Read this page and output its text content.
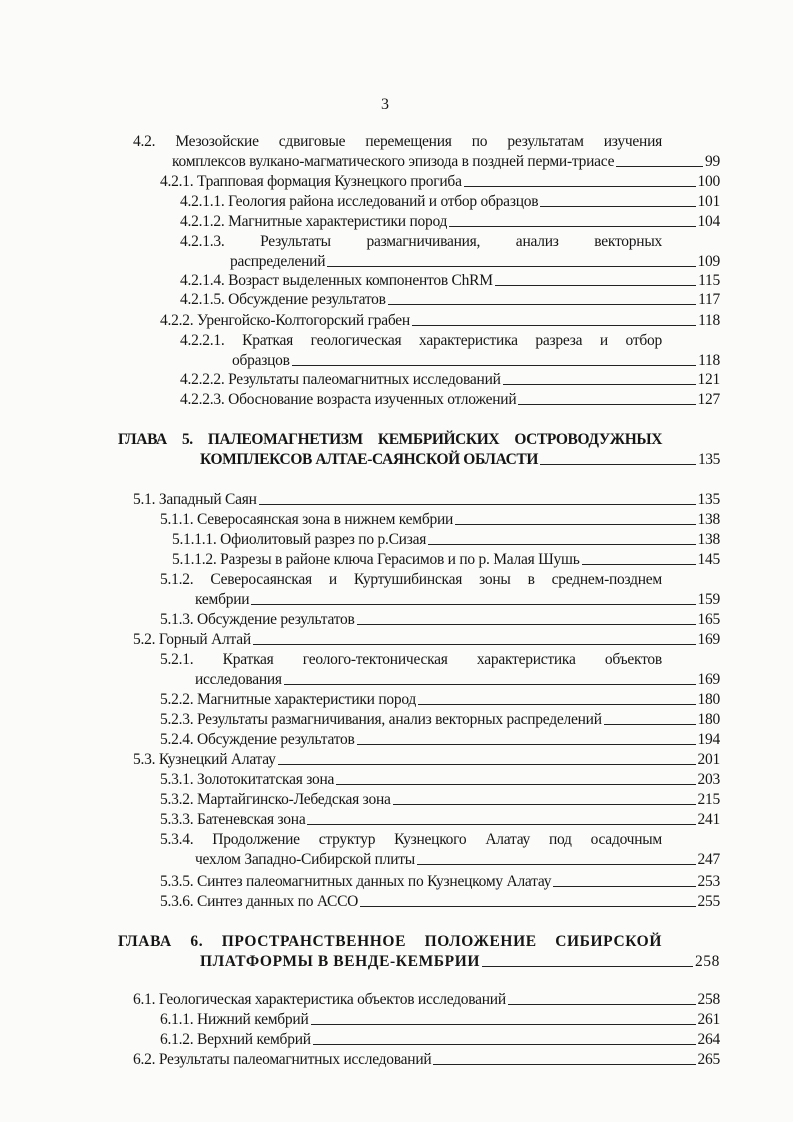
3
4.2. Мезозойские сдвиговые перемещения по результатам изучения
комплексов вулкано-магматического эпизода в поздней перми-триасе	99
4.2.1. Трапповая формация Кузнецкого прогиба	100
4.2.1.1. Геология района исследований и отбор образцов	101
4.2.1.2. Магнитные характеристики пород	104
4.2.1.3. Результаты размагничивания, анализ векторных
распределений	109
4.2.1.4. Возраст выделенных компонентов ChRM	115
4.2.1.5. Обсуждение результатов	117
4.2.2. Уренгойско-Колтогорский грабен	118
4.2.2.1. Краткая геологическая характеристика разреза и отбор
образцов	118
4.2.2.2. Результаты палеомагнитных исследований	121
4.2.2.3. Обоснование возраста изученных отложений	127
ГЛАВА 5. ПАЛЕОМАГНЕТИЗМ КЕМБРИЙСКИХ ОСТРОВОДУЖНЫХ
КОМПЛЕКСОВ АЛТАЕ-САЯНСКОЙ ОБЛАСТИ	135
5.1. Западный Саян	135
5.1.1. Северосаянская зона в нижнем кембрии	138
5.1.1.1. Офиолитовый разрез по р.Сизая	138
5.1.1.2. Разрезы в районе ключа Герасимов и по р. Малая Шушь	145
5.1.2. Северосаянская и Куртушибинская зоны в среднем-позднем
кембрии	159
5.1.3. Обсуждение результатов	165
5.2. Горный Алтай	169
5.2.1. Краткая геолого-тектоническая характеристика объектов
исследования	169
5.2.2. Магнитные характеристики пород	180
5.2.3. Результаты размагничивания, анализ векторных распределений	180
5.2.4. Обсуждение результатов	194
5.3. Кузнецкий Алатау	201
5.3.1. Золотокитатская зона	203
5.3.2. Мартайгинско-Лебедская зона	215
5.3.3. Батеневская зона	241
5.3.4. Продолжение структур Кузнецкого Алатау под осадочным
чехлом Западно-Сибирской плиты	247
5.3.5. Синтез палеомагнитных данных по Кузнецкому Алатау	253
5.3.6. Синтез данных по АССО	255
ГЛАВА 6. ПРОСТРАНСТВЕННОЕ ПОЛОЖЕНИЕ СИБИРСКОЙ
ПЛАТФОРМЫ В ВЕНДЕ-КЕМБРИИ	258
6.1. Геологическая характеристика объектов исследований	258
6.1.1. Нижний кембрий	261
6.1.2. Верхний кембрий	264
6.2. Результаты палеомагнитных исследований	265
